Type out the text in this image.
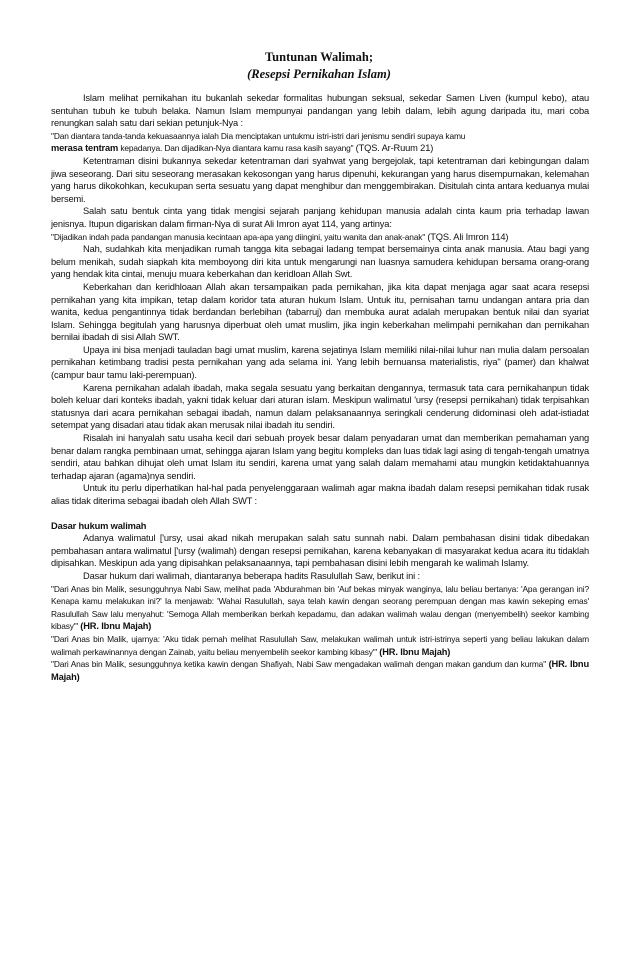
Tuntunan Walimah;

(Resepsi Pernikahan Islam)

Islam melihat pernikahan itu bukanlah sekedar formalitas hubungan seksual, sekedar Samen Liven (kumpul kebo), atau sentuhan tubuh ke tubuh belaka. Namun Islam mempunyai pandangan yang lebih dalam, lebih agung daripada itu, mari coba renungkan salah satu dari sekian petunjuk-Nya :

"Dan diantara tanda-tanda kekuasaannya ialah Dia menciptakan untukmu istri-istri dari jenismu sendiri supaya kamu
merasa tentram kepadanya. Dan dijadikan-Nya diantara kamu rasa kasih sayang" (TQS. Ar-Ruum 21)

Ketentraman disini bukannya sekedar ketentraman dari syahwat yang bergejolak, tapi ketentraman dari kebingungan dalam jiwa seseorang. Dari situ seseorang merasakan kekosongan yang harus dipenuhi, kekurangan yang harus disempurnakan, kelemahan yang harus dikokohkan, kecukupan serta sesuatu yang dapat menghibur dan menggembirakan. Disitulah cinta antara keduanya mulai bersemi.

Salah satu bentuk cinta yang tidak mengisi sejarah panjang kehidupan manusia adalah cinta kaum pria terhadap lawan jenisnya. Itupun digariskan dalam firman-Nya di surat Ali Imron ayat 114, yang artinya:

"Dijadikan indah pada pandangan manusia kecintaan apa-apa yang diingini, yaitu wanita dan anak-anak" (TQS. Ali Imron 114)

Nah, sudahkah kita menjadikan rumah tangga kita sebagai ladang tempat bersemainya cinta anak manusia. Atau bagi yang belum menikah, sudah siapkah kita memboyong diri kita untuk mengarungi nan luasnya samudera kehidupan bersama orang-orang yang hendak kita cintai, menuju muara keberkahan dan keridloan Allah Swt.

Keberkahan dan keridhloaan Allah akan tersampaikan pada pernikahan, jika kita dapat menjaga agar saat acara resepsi pernikahan yang kita impikan, tetap dalam koridor tata aturan hukum Islam. Untuk itu, pernisahan tamu undangan antara pria dan wanita, kedua pengantinnya tidak berdandan berlebihan (tabarruj) dan membuka aurat adalah merupakan bentuk nilai dan syariat Islam. Sehingga begitulah yang harusnya diperbuat oleh umat muslim, jika ingin keberkahan melimpahi pernikahan dan pernikahan bernilai ibadah di sisi Allah SWT.

Upaya ini bisa menjadi tauladan bagi umat muslim, karena sejatinya Islam memiliki nilai-nilai luhur nan mulia dalam persoalan pernikahan ketimbang tradisi pesta pernikahan yang ada selama ini. Yang lebih bernuansa materialistis, riya" (pamer) dan khalwat (campur baur tamu laki-perempuan).

Karena pernikahan adalah ibadah, maka segala sesuatu yang berkaitan dengannya, termasuk tata cara pernikahanpun tidak boleh keluar dari konteks ibadah, yakni tidak keluar dari aturan islam. Meskipun walimatul 'ursy (resepsi pernikahan) tidak terpisahkan statusnya dari acara pernikahan sebagai ibadah, namun dalam pelaksanaannya seringkali cenderung didominasi oleh adat-istiadat setempat yang disadari atau tidak akan merusak nilai ibadah itu sendiri.

Risalah ini hanyalah satu usaha kecil dari sebuah proyek besar dalam penyadaran umat dan memberikan pemahaman yang benar dalam rangka pembinaan umat, sehingga ajaran Islam yang begitu kompleks dan luas tidak lagi asing di tengah-tengah umatnya sendiri, atau bahkan dihujat oleh umat Islam itu sendiri, karena umat yang salah dalam memahami atau mungkin ketidaktahuannya terhadap ajaran (agama)nya sendiri.

Untuk itu perlu diperhatikan hal-hal pada penyelenggaraan walimah agar makna ibadah dalam resepsi pernikahan tidak rusak alias tidak diterima sebagai ibadah oleh Allah SWT :

Dasar hukum walimah

Adanya walimatul ['ursy, usai akad nikah merupakan salah satu sunnah nabi. Dalam pembahasan disini tidak dibedakan pembahasan antara walimatul ['ursy (walimah) dengan resepsi pernikahan, karena kebanyakan di masyarakat kedua acara itu tidaklah dipisahkan. Meskipun ada yang dipisahkan pelaksanaannya, tapi pembahasan disini lebih mengarah ke walimah Islamy.

Dasar hukum dari walimah, diantaranya beberapa hadits Rasulullah Saw, berikut ini :

"Dari Anas bin Malik, sesungguhnya Nabi Saw, melihat pada 'Abdurahman bin 'Auf bekas minyak wanginya, lalu beliau bertanya: 'Apa gerangan ini? Kenapa kamu melakukan ini?' Ia menjawab: 'Wahai Rasulullah, saya telah kawin dengan seorang perempuan dengan mas kawin sekeping emas' Rasulullah Saw lalu menyahut: 'Semoga Allah memberikan berkah kepadamu, dan adakan walimah walau dengan (menyembelih) seekor kambing kibasy'" (HR. Ibnu Majah)

"Dari Anas bin Malik, ujarnya: 'Aku tidak pernah melihat Rasulullah Saw, melakukan walimah untuk istri-istrinya seperti yang beliau lakukan dalam walimah perkawinannya dengan Zainab, yaitu beliau menyembelih seekor kambing kibasy'" (HR. Ibnu Majah)

"Dari Anas bin Malik, sesungguhnya ketika kawin dengan Shafiyah, Nabi Saw mengadakan walimah dengan makan gandum dan kurma" (HR. Ibnu Majah)
